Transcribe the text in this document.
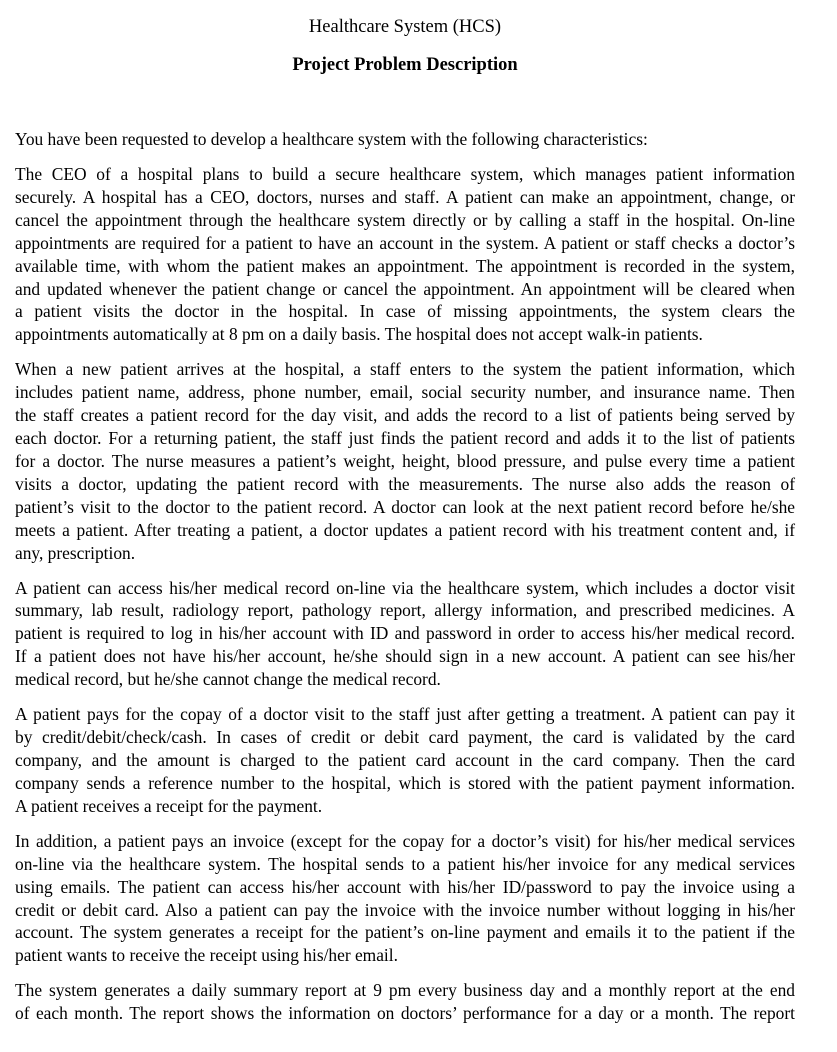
Healthcare System (HCS)
Project Problem Description
You have been requested to develop a healthcare system with the following characteristics:
The CEO of a hospital plans to build a secure healthcare system, which manages patient information
securely. A hospital has a CEO, doctors, nurses and staff. A patient can make an appointment, change, or
cancel the appointment through the healthcare system directly or by calling a staff in the hospital. On-line
appointments are required for a patient to have an account in the system. A patient or staff checks a doctor’s
available time, with whom the patient makes an appointment. The appointment is recorded in the system,
and updated whenever the patient change or cancel the appointment. An appointment will be cleared when
a patient visits the doctor in the hospital. In case of missing appointments, the system clears the
appointments automatically at 8 pm on a daily basis. The hospital does not accept walk-in patients.
When a new patient arrives at the hospital, a staff enters to the system the patient information, which
includes patient name, address, phone number, email, social security number, and insurance name. Then
the staff creates a patient record for the day visit, and adds the record to a list of patients being served by
each doctor. For a returning patient, the staff just finds the patient record and adds it to the list of patients
for a doctor. The nurse measures a patient’s weight, height, blood pressure, and pulse every time a patient
visits a doctor, updating the patient record with the measurements. The nurse also adds the reason of
patient’s visit to the doctor to the patient record. A doctor can look at the next patient record before he/she
meets a patient. After treating a patient, a doctor updates a patient record with his treatment content and, if
any, prescription.
A patient can access his/her medical record on-line via the healthcare system, which includes a doctor visit
summary, lab result, radiology report, pathology report, allergy information, and prescribed medicines. A
patient is required to log in his/her account with ID and password in order to access his/her medical record.
If a patient does not have his/her account, he/she should sign in a new account. A patient can see his/her
medical record, but he/she cannot change the medical record.
A patient pays for the copay of a doctor visit to the staff just after getting a treatment. A patient can pay it
by credit/debit/check/cash. In cases of credit or debit card payment, the card is validated by the card
company, and the amount is charged to the patient card account in the card company. Then the card
company sends a reference number to the hospital, which is stored with the patient payment information.
A patient receives a receipt for the payment.
In addition, a patient pays an invoice (except for the copay for a doctor’s visit) for his/her medical services
on-line via the healthcare system. The hospital sends to a patient his/her invoice for any medical services
using emails. The patient can access his/her account with his/her ID/password to pay the invoice using a
credit or debit card. Also a patient can pay the invoice with the invoice number without logging in his/her
account. The system generates a receipt for the patient’s on-line payment and emails it to the patient if the
patient wants to receive the receipt using his/her email.
The system generates a daily summary report at 9 pm every business day and a monthly report at the end
of each month. The report shows the information on doctors’ performance for a day or a month. The report
